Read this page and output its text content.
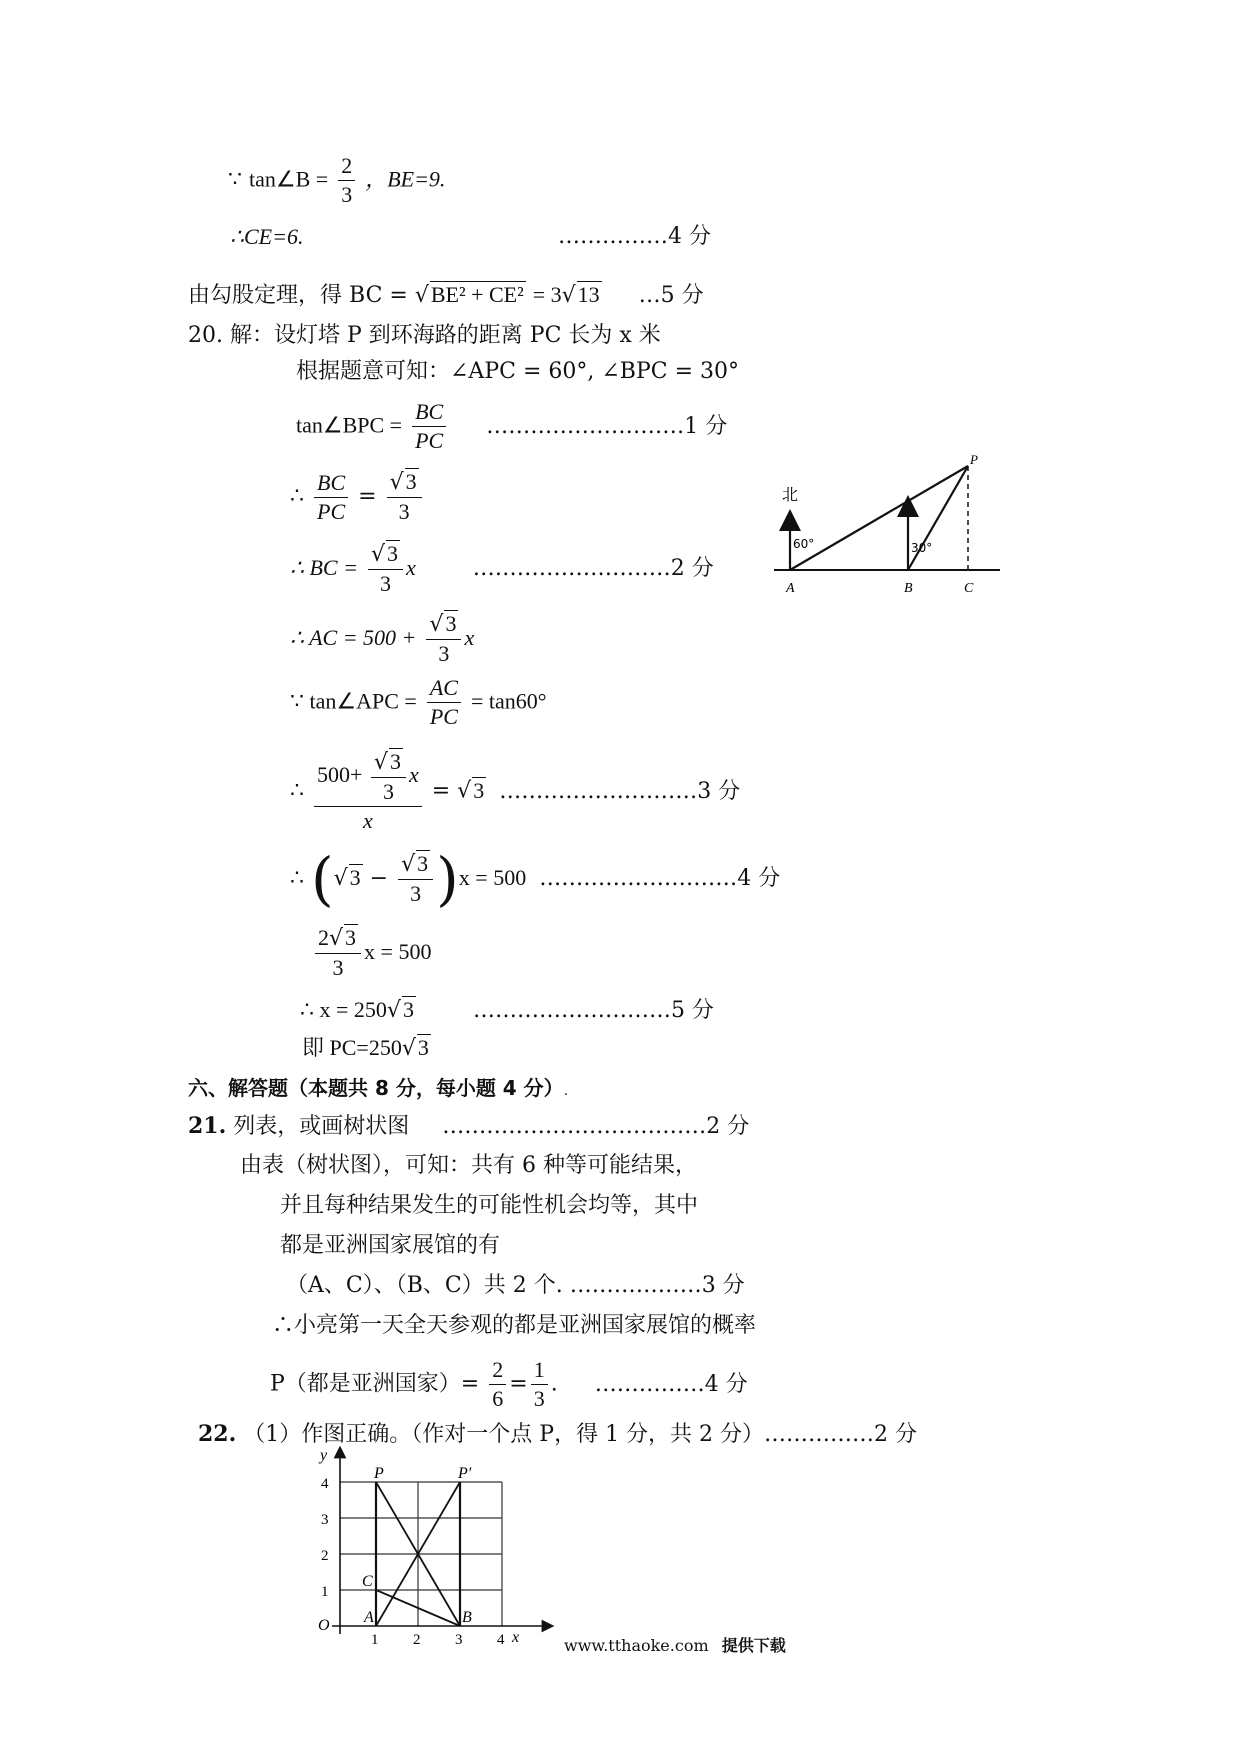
∵ tan∠B = $\frac{2}{3}$ ，BE=9.
∴CE=6.	……………4 分
由勾股定理，得 BC = √BE² + CE² = 3√13 …5 分
20. 解：设灯塔 P 到环海路的距离 PC 长为 x 米
根据题意可知：∠APC = 60°, ∠BPC = 30°
tan∠BPC = $\frac{BC}{PC}$ ………………………1 分
∴ $\frac{BC}{PC} = \frac{√3}{3}$
∴ BC = $\frac{√3}{3}$ x	………………………2 分
∴ AC = $500 + \frac{√3}{3}$ x
∵ tan∠APC = $\frac{AC}{PC} = \tan 60^\circ$
∴ $\frac{500+ \frac{√3}{3} x}{x} = √3$ ………………………3 分
∴ $(√3 - \frac{√3}{3} )x = 500$ ………………………4 分
$\frac{2√3}{3}$ x = 500
∴ x = 250√3	………………………5 分
即 PC=250√3
北
60°	30°
A	B	C
P
六、解答题（本题共 8 分，每小题 4 分）.
21. 列表，或画树状图 ………………………………2 分
由表（树状图），可知：共有 6 种等可能结果，
并且每种结果发生的可能性机会均等，其中
都是亚洲国家展馆的有
（A、C）、（B、C）共 2 个. ………………3 分
∴小亮第一天全天参观的都是亚洲国家展馆的概率
P（都是亚洲国家）= $\frac{2}{6} = \frac{1}{3}$ . ……………4 分
22. （1）作图正确。（作对一个点 P，得 1 分，共 2 分）……………2 分
y
x
O
1 2 3 4
1
2
3
4
P	P′
C
A	B
www.tthaoke.com 提供下载
